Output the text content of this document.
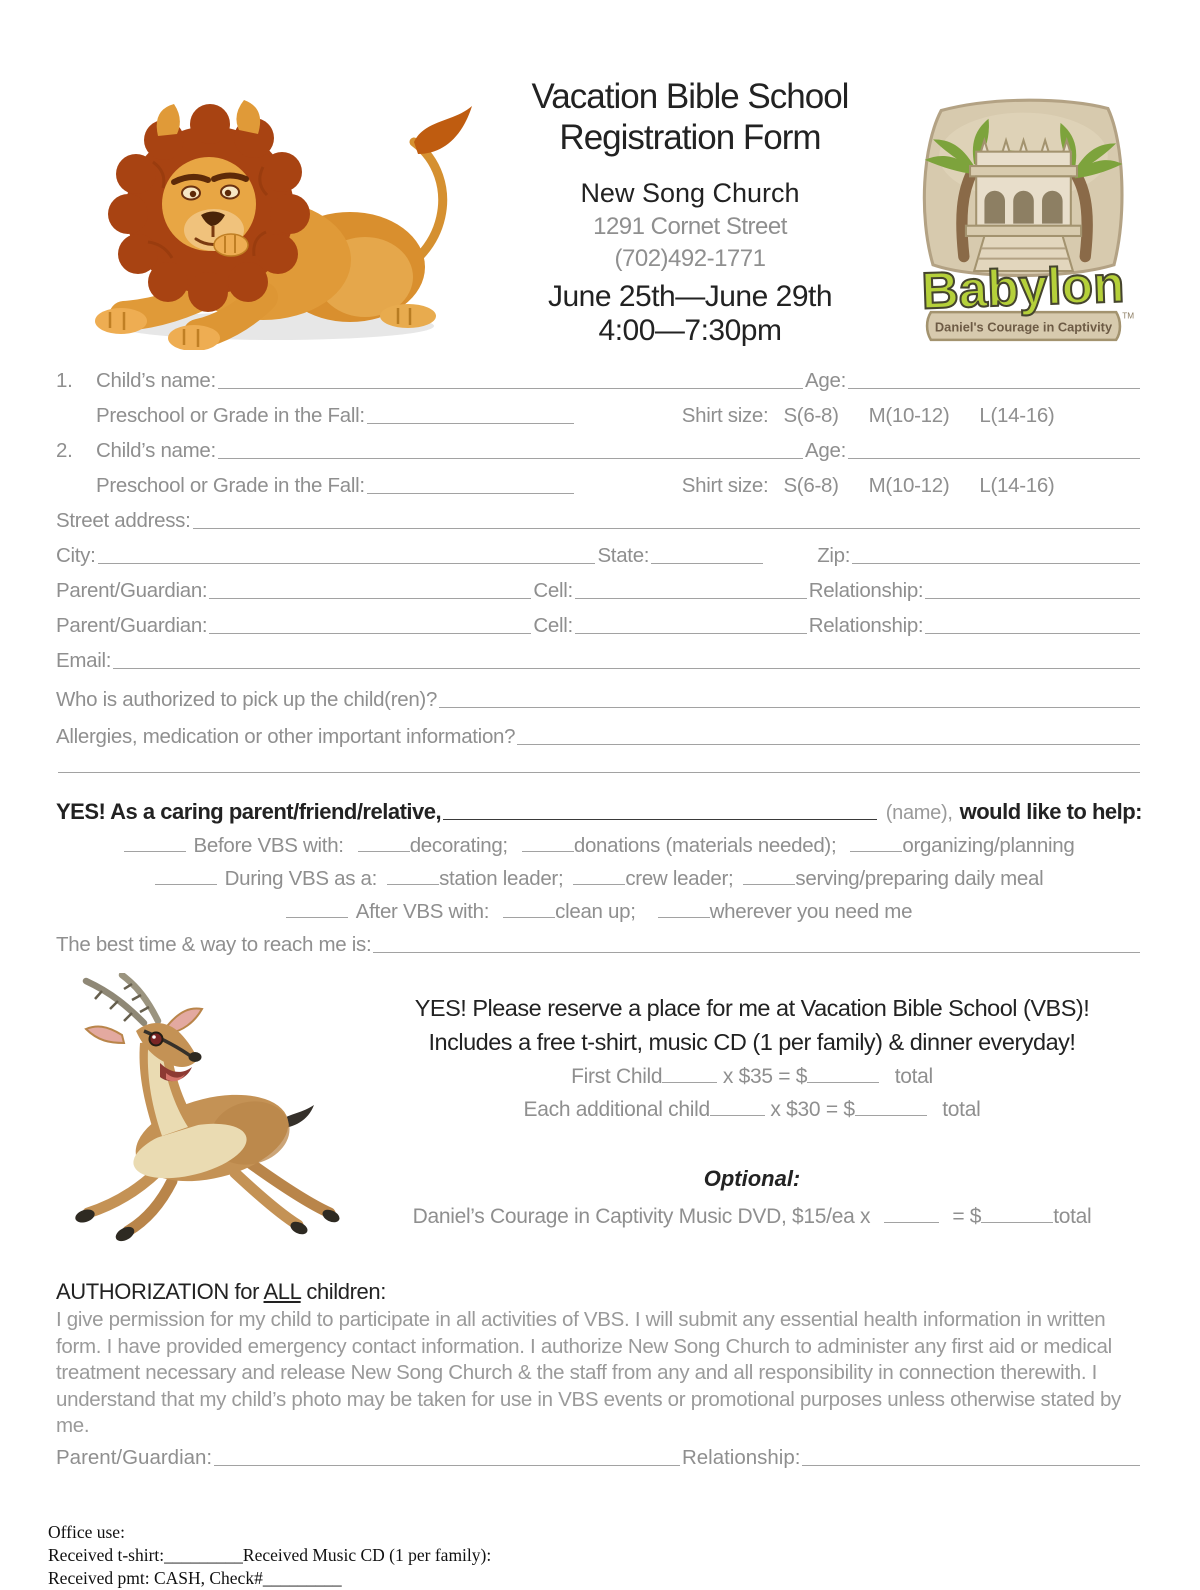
Vacation Bible School
Registration Form
New Song Church
1291 Cornet Street
(702)492-1771
June 25th—June 29th
4:00—7:30pm
Babylon
Daniel's Courage in Captivity
TM
1.	Child’s name:	Age:
Preschool or Grade in the Fall:	Shirt size: S(6-8) M(10-12) L(14-16)
2.	Child’s name:	Age:
Preschool or Grade in the Fall:	Shirt size: S(6-8) M(10-12) L(14-16)
Street address:
City:	State:	Zip:
Parent/Guardian:	Cell:	Relationship:
Parent/Guardian:	Cell:	Relationship:
Email:
Who is authorized to pick up the child(ren)?
Allergies, medication or other important information?
YES! As a caring parent/friend/relative,	(name), would like to help:
Before VBS with:	decorating;	donations (materials needed);	organizing/planning
During VBS as a:	station leader;	crew leader;	serving/preparing daily meal
After VBS with:	clean up;	wherever you need me
The best time & way to reach me is:
YES! Please reserve a place for me at Vacation Bible School (VBS)!
Includes a free t-shirt, music CD (1 per family) & dinner everyday!
First Child	x $35 = $	total
Each additional child	x $30 = $	total
Optional:
Daniel’s Courage in Captivity Music DVD, $15/ea x	= $	total
AUTHORIZATION for ALL children:
I give permission for my child to participate in all activities of VBS. I will submit any essential health information in written form. I have provided emergency contact information. I authorize New Song Church to administer any first aid or medical treatment necessary and release New Song Church & the staff from any and all responsibility in connection therewith. I understand that my child’s photo may be taken for use in VBS events or promotional purposes unless otherwise stated by me.
Parent/Guardian:	Relationship:
Office use:
Received t-shirt:_________Received Music CD (1 per family):
Received pmt: CASH, Check#_________
